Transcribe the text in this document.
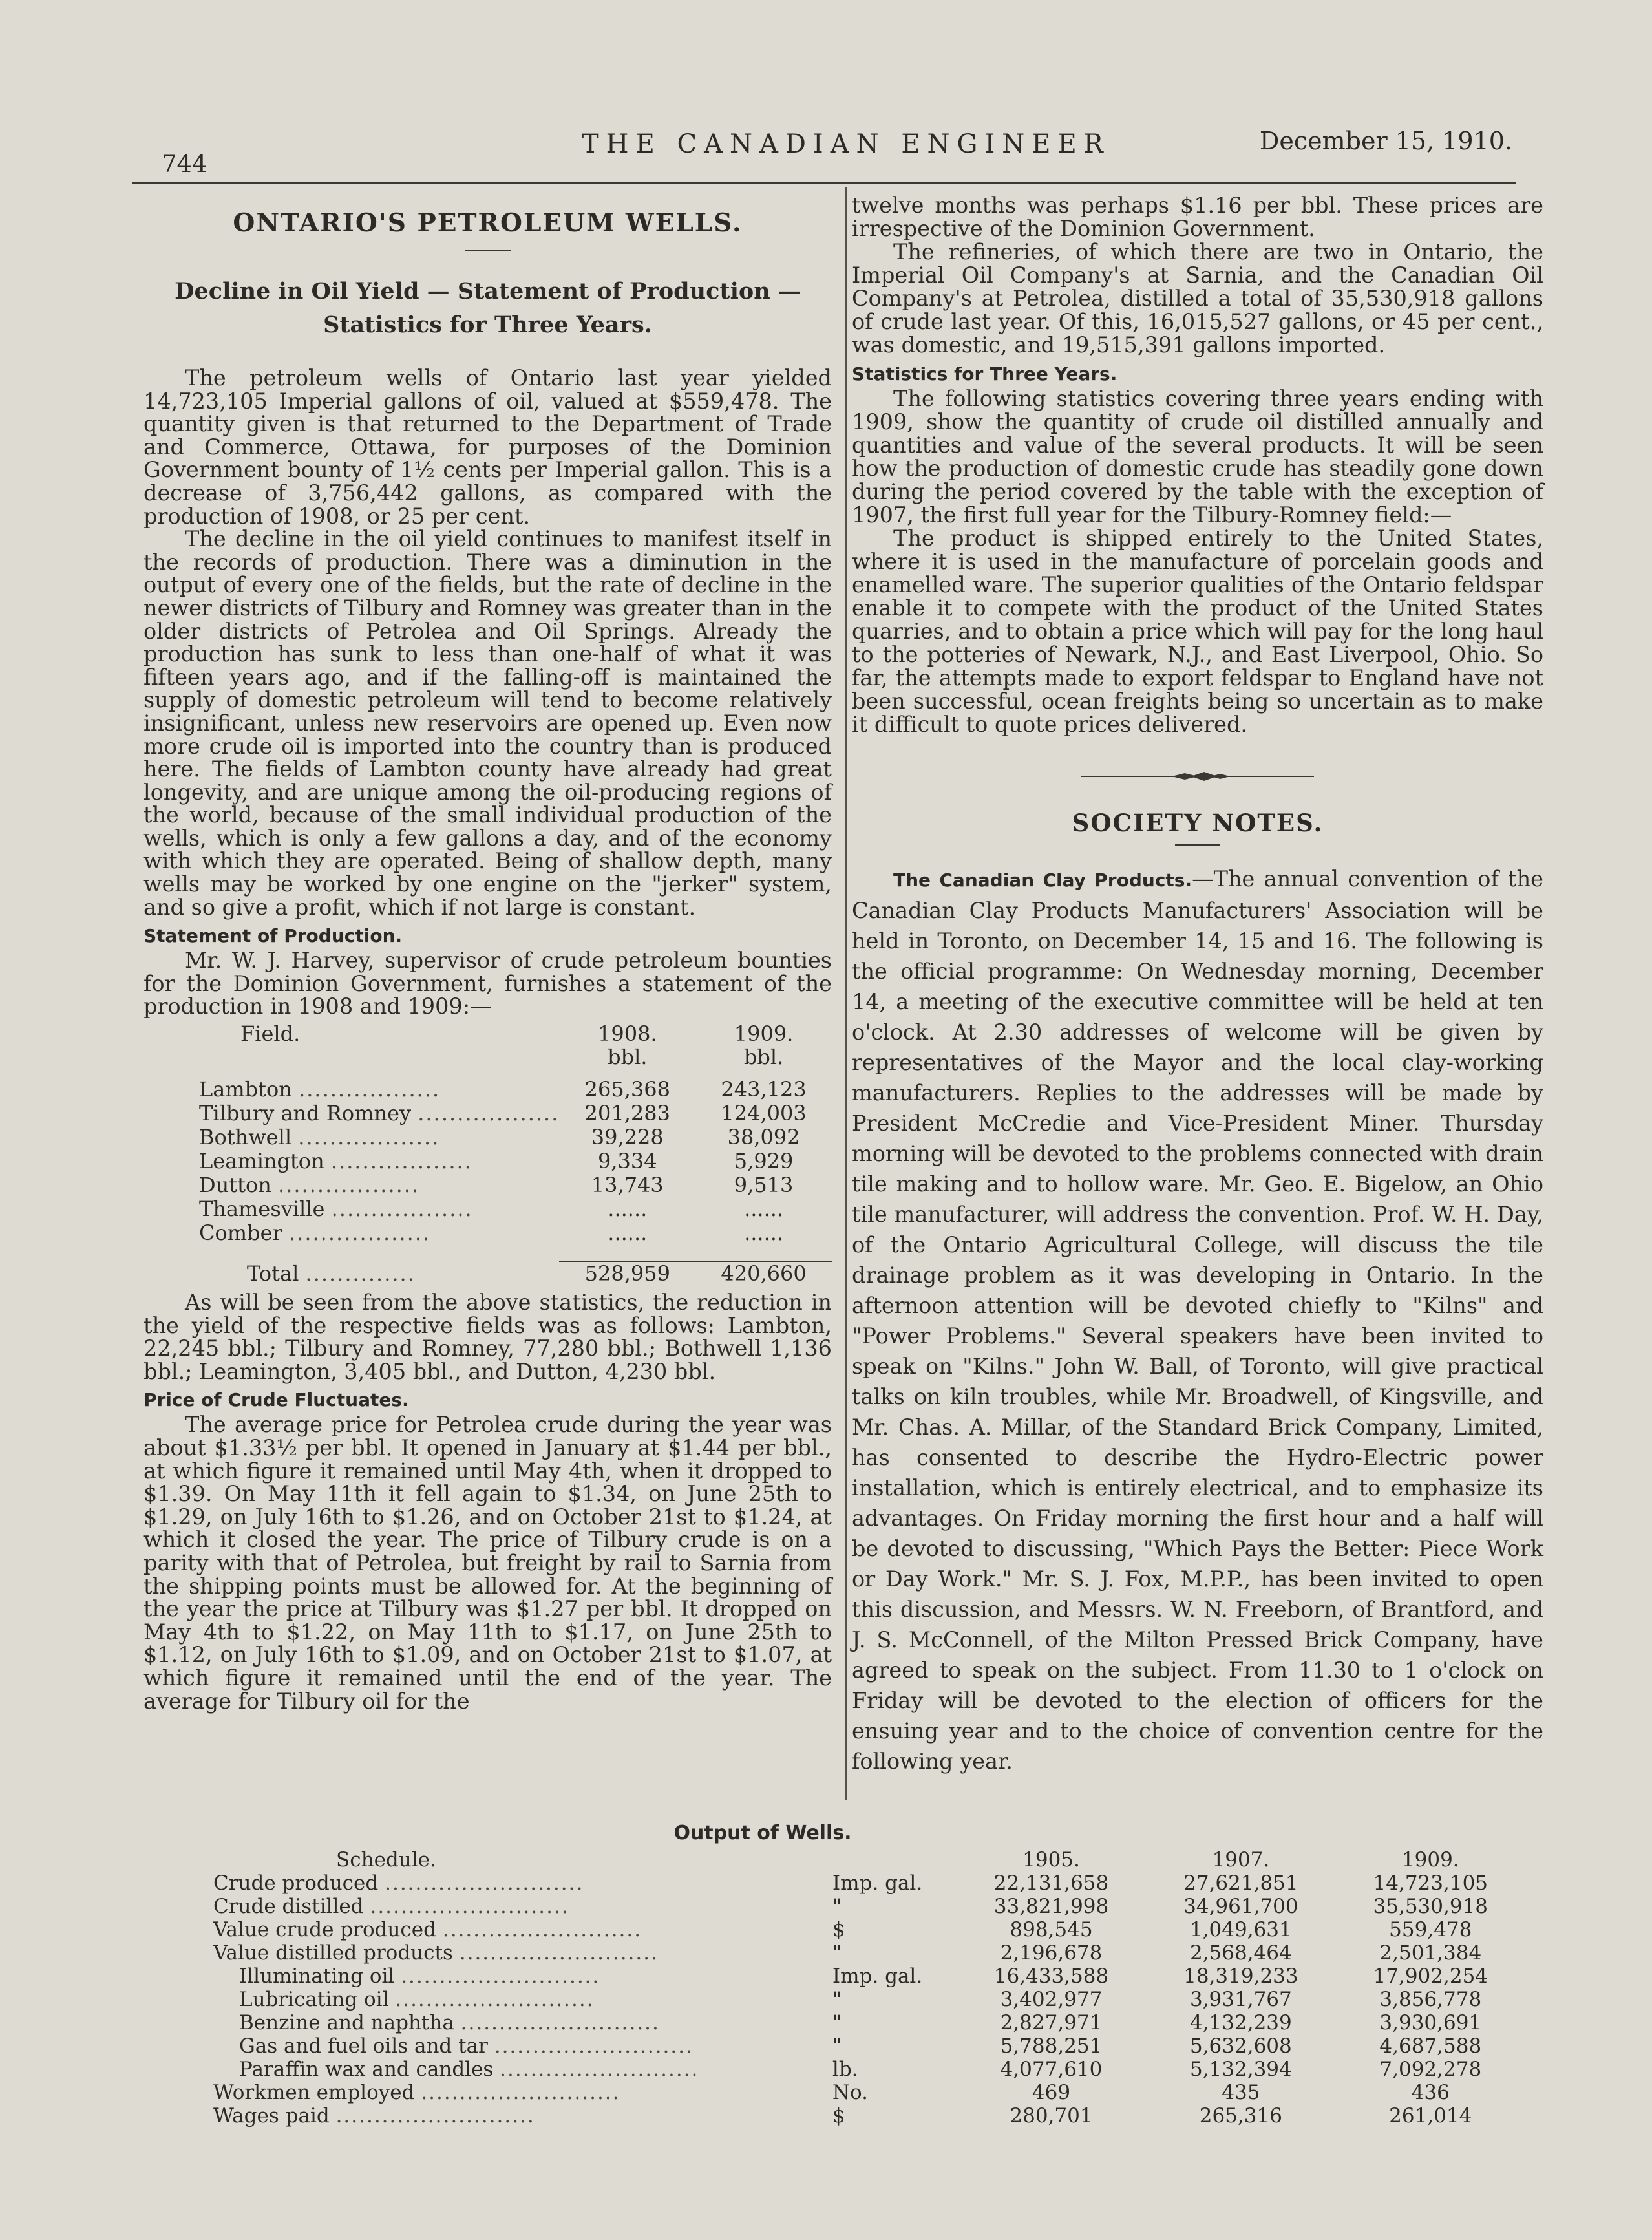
744
THE CANADIAN ENGINEER	December 15, 1910.
ONTARIO'S PETROLEUM WELLS.
Decline in Oil Yield — Statement of Production —
Statistics for Three Years.

The petroleum wells of Ontario last year yielded 14,723,105 Imperial gallons of oil, valued at $559,478. The quantity given is that returned to the Department of Trade and Commerce, Ottawa, for purposes of the Dominion Government bounty of 1½ cents per Imperial gallon. This is a decrease of 3,756,442 gallons, as compared with the production of 1908, or 25 per cent.

The decline in the oil yield continues to manifest itself in the records of production. There was a diminution in the output of every one of the fields, but the rate of decline in the newer districts of Tilbury and Romney was greater than in the older districts of Petrolea and Oil Springs. Already the production has sunk to less than one-half of what it was fifteen years ago, and if the falling-off is maintained the supply of domestic petroleum will tend to become relatively insignificant, unless new reservoirs are opened up. Even now more crude oil is imported into the country than is produced here. The fields of Lambton county have already had great longevity, and are unique among the oil-producing regions of the world, because of the small individual production of the wells, which is only a few gallons a day, and of the economy with which they are operated. Being of shallow depth, many wells may be worked by one engine on the "jerker" system, and so give a profit, which if not large is constant.

Statement of Production.

Mr. W. J. Harvey, supervisor of crude petroleum bounties for the Dominion Government, furnishes a statement of the production in 1908 and 1909:—

Field.	1908.	1909.
	bbl.	bbl.

Lambton ..................	265,368	243,123
Tilbury and Romney ..................	201,283	124,003
Bothwell ..................	39,228	38,092
Leamington ..................	9,334	5,929
Dutton ..................	13,743	9,513
Thamesville ..................	......	......
Comber ..................	......	......

Total ..............	528,959	420,660

As will be seen from the above statistics, the reduction in the yield of the respective fields was as follows: Lambton, 22,245 bbl.; Tilbury and Romney, 77,280 bbl.; Bothwell 1,136 bbl.; Leamington, 3,405 bbl., and Dutton, 4,230 bbl.

Price of Crude Fluctuates.

The average price for Petrolea crude during the year was about $1.33½ per bbl. It opened in January at $1.44 per bbl., at which figure it remained until May 4th, when it dropped to $1.39. On May 11th it fell again to $1.34, on June 25th to $1.29, on July 16th to $1.26, and on October 21st to $1.24, at which it closed the year. The price of Tilbury crude is on a parity with that of Petrolea, but freight by rail to Sarnia from the shipping points must be allowed for. At the beginning of the year the price at Tilbury was $1.27 per bbl. It dropped on May 4th to $1.22, on May 11th to $1.17, on June 25th to $1.12, on July 16th to $1.09, and on October 21st to $1.07, at which figure it remained until the end of the year. The average for Tilbury oil for the

twelve months was perhaps $1.16 per bbl. These prices are irrespective of the Dominion Government.

The refineries, of which there are two in Ontario, the Imperial Oil Company's at Sarnia, and the Canadian Oil Company's at Petrolea, distilled a total of 35,530,918 gallons of crude last year. Of this, 16,015,527 gallons, or 45 per cent., was domestic, and 19,515,391 gallons imported.

Statistics for Three Years.

The following statistics covering three years ending with 1909, show the quantity of crude oil distilled annually and quantities and value of the several products. It will be seen how the production of domestic crude has steadily gone down during the period covered by the table with the exception of 1907, the first full year for the Tilbury-Romney field:—

The product is shipped entirely to the United States, where it is used in the manufacture of porcelain goods and enamelled ware. The superior qualities of the Ontario feldspar enable it to compete with the product of the United States quarries, and to obtain a price which will pay for the long haul to the potteries of Newark, N.J., and East Liverpool, Ohio. So far, the attempts made to export feldspar to England have not been successful, ocean freights being so uncertain as to make it difficult to quote prices delivered.

SOCIETY NOTES.

The Canadian Clay Products.—The annual convention of the Canadian Clay Products Manufacturers' Association will be held in Toronto, on December 14, 15 and 16. The following is the official programme: On Wednesday morning, December 14, a meeting of the executive committee will be held at ten o'clock. At 2.30 addresses of welcome will be given by representatives of the Mayor and the local clay-working manufacturers. Replies to the addresses will be made by President McCredie and Vice-President Miner. Thursday morning will be devoted to the problems connected with drain tile making and to hollow ware. Mr. Geo. E. Bigelow, an Ohio tile manufacturer, will address the convention. Prof. W. H. Day, of the Ontario Agricultural College, will discuss the tile drainage problem as it was developing in Ontario. In the afternoon attention will be devoted chiefly to "Kilns" and "Power Problems." Several speakers have been invited to speak on "Kilns." John W. Ball, of Toronto, will give practical talks on kiln troubles, while Mr. Broadwell, of Kingsville, and Mr. Chas. A. Millar, of the Standard Brick Company, Limited, has consented to describe the Hydro-Electric power installation, which is entirely electrical, and to emphasize its advantages. On Friday morning the first hour and a half will be devoted to discussing, "Which Pays the Better: Piece Work or Day Work." Mr. S. J. Fox, M.P.P., has been invited to open this discussion, and Messrs. W. N. Freeborn, of Brantford, and J. S. McConnell, of the Milton Pressed Brick Company, have agreed to speak on the subject. From 11.30 to 1 o'clock on Friday will be devoted to the election of officers for the ensuing year and to the choice of convention centre for the following year.

Output of Wells.
Schedule.		1905.	1907.	1909.
Crude produced ..........................	Imp. gal.	22,131,658	27,621,851	14,723,105
Crude distilled ..........................	"	33,821,998	34,961,700	35,530,918
Value crude produced ..........................	$	898,545	1,049,631	559,478
Value distilled products ..........................	"	2,196,678	2,568,464	2,501,384
Illuminating oil ..........................	Imp. gal.	16,433,588	18,319,233	17,902,254
Lubricating oil ..........................	"	3,402,977	3,931,767	3,856,778
Benzine and naphtha ..........................	"	2,827,971	4,132,239	3,930,691
Gas and fuel oils and tar ..........................	"	5,788,251	5,632,608	4,687,588
Paraffin wax and candles ..........................	lb.	4,077,610	5,132,394	7,092,278
Workmen employed ..........................	No.	469	435	436
Wages paid ..........................	$	280,701	265,316	261,014
